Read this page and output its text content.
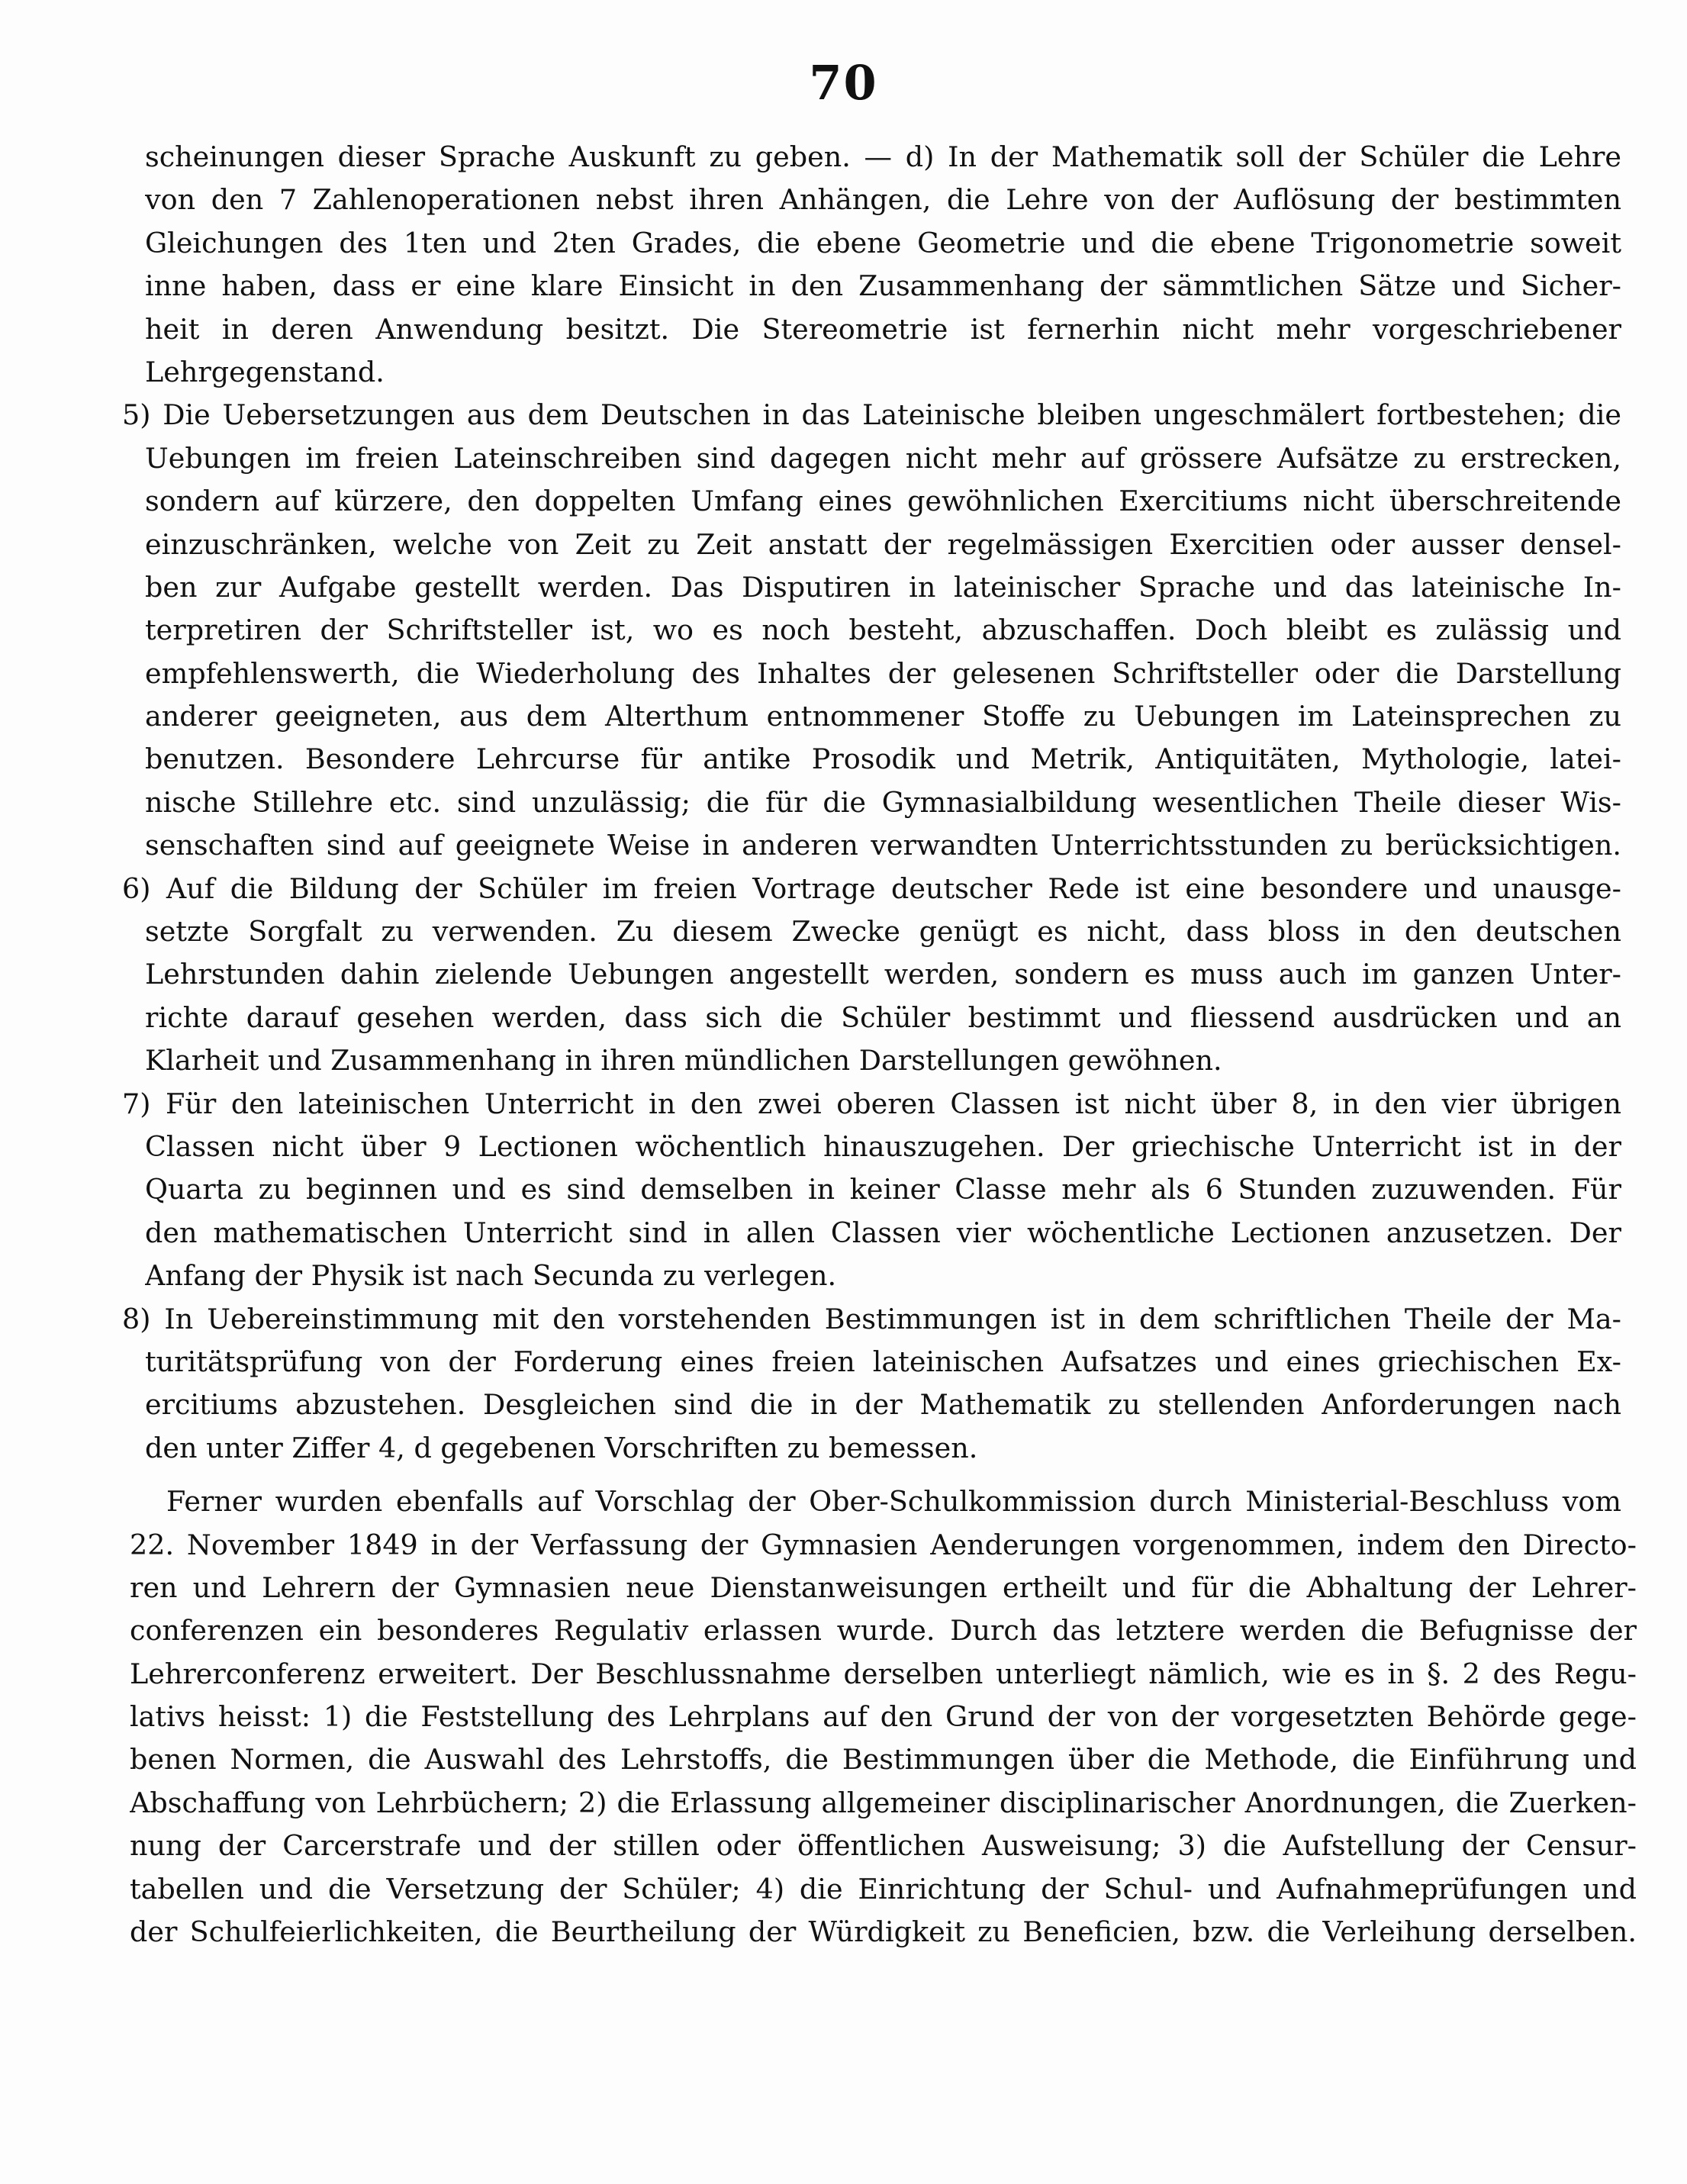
70
scheinungen dieser Sprache Auskunft zu geben. — d) In der Mathematik soll der Schüler die Lehre
von den 7 Zahlenoperationen nebst ihren Anhängen, die Lehre von der Auflösung der bestimmten
Gleichungen des 1ten und 2ten Grades, die ebene Geometrie und die ebene Trigonometrie soweit
inne haben, dass er eine klare Einsicht in den Zusammenhang der sämmtlichen Sätze und Sicher-
heit in deren Anwendung besitzt. Die Stereometrie ist fernerhin nicht mehr vorgeschriebener
Lehrgegenstand.
5) Die Uebersetzungen aus dem Deutschen in das Lateinische bleiben ungeschmälert fortbestehen; die
Uebungen im freien Lateinschreiben sind dagegen nicht mehr auf grössere Aufsätze zu erstrecken,
sondern auf kürzere, den doppelten Umfang eines gewöhnlichen Exercitiums nicht überschreitende
einzuschränken, welche von Zeit zu Zeit anstatt der regelmässigen Exercitien oder ausser densel-
ben zur Aufgabe gestellt werden. Das Disputiren in lateinischer Sprache und das lateinische In-
terpretiren der Schriftsteller ist, wo es noch besteht, abzuschaffen. Doch bleibt es zulässig und
empfehlenswerth, die Wiederholung des Inhaltes der gelesenen Schriftsteller oder die Darstellung
anderer geeigneten, aus dem Alterthum entnommener Stoffe zu Uebungen im Lateinsprechen zu
benutzen. Besondere Lehrcurse für antike Prosodik und Metrik, Antiquitäten, Mythologie, latei-
nische Stillehre etc. sind unzulässig; die für die Gymnasialbildung wesentlichen Theile dieser Wis-
senschaften sind auf geeignete Weise in anderen verwandten Unterrichtsstunden zu berücksichtigen.
6) Auf die Bildung der Schüler im freien Vortrage deutscher Rede ist eine besondere und unausge-
setzte Sorgfalt zu verwenden. Zu diesem Zwecke genügt es nicht, dass bloss in den deutschen
Lehrstunden dahin zielende Uebungen angestellt werden, sondern es muss auch im ganzen Unter-
richte darauf gesehen werden, dass sich die Schüler bestimmt und fliessend ausdrücken und an
Klarheit und Zusammenhang in ihren mündlichen Darstellungen gewöhnen.
7) Für den lateinischen Unterricht in den zwei oberen Classen ist nicht über 8, in den vier übrigen
Classen nicht über 9 Lectionen wöchentlich hinauszugehen. Der griechische Unterricht ist in der
Quarta zu beginnen und es sind demselben in keiner Classe mehr als 6 Stunden zuzuwenden. Für
den mathematischen Unterricht sind in allen Classen vier wöchentliche Lectionen anzusetzen. Der
Anfang der Physik ist nach Secunda zu verlegen.
8) In Uebereinstimmung mit den vorstehenden Bestimmungen ist in dem schriftlichen Theile der Ma-
turitätsprüfung von der Forderung eines freien lateinischen Aufsatzes und eines griechischen Ex-
ercitiums abzustehen. Desgleichen sind die in der Mathematik zu stellenden Anforderungen nach
den unter Ziffer 4, d gegebenen Vorschriften zu bemessen.
Ferner wurden ebenfalls auf Vorschlag der Ober-Schulkommission durch Ministerial-Beschluss vom
22. November 1849 in der Verfassung der Gymnasien Aenderungen vorgenommen, indem den Directo-
ren und Lehrern der Gymnasien neue Dienstanweisungen ertheilt und für die Abhaltung der Lehrer-
conferenzen ein besonderes Regulativ erlassen wurde. Durch das letztere werden die Befugnisse der
Lehrerconferenz erweitert. Der Beschlussnahme derselben unterliegt nämlich, wie es in §. 2 des Regu-
lativs heisst: 1) die Feststellung des Lehrplans auf den Grund der von der vorgesetzten Behörde gege-
benen Normen, die Auswahl des Lehrstoffs, die Bestimmungen über die Methode, die Einführung und
Abschaffung von Lehrbüchern; 2) die Erlassung allgemeiner disciplinarischer Anordnungen, die Zuerken-
nung der Carcerstrafe und der stillen oder öffentlichen Ausweisung; 3) die Aufstellung der Censur-
tabellen und die Versetzung der Schüler; 4) die Einrichtung der Schul- und Aufnahmeprüfungen und
der Schulfeierlichkeiten, die Beurtheilung der Würdigkeit zu Beneficien, bzw. die Verleihung derselben.
